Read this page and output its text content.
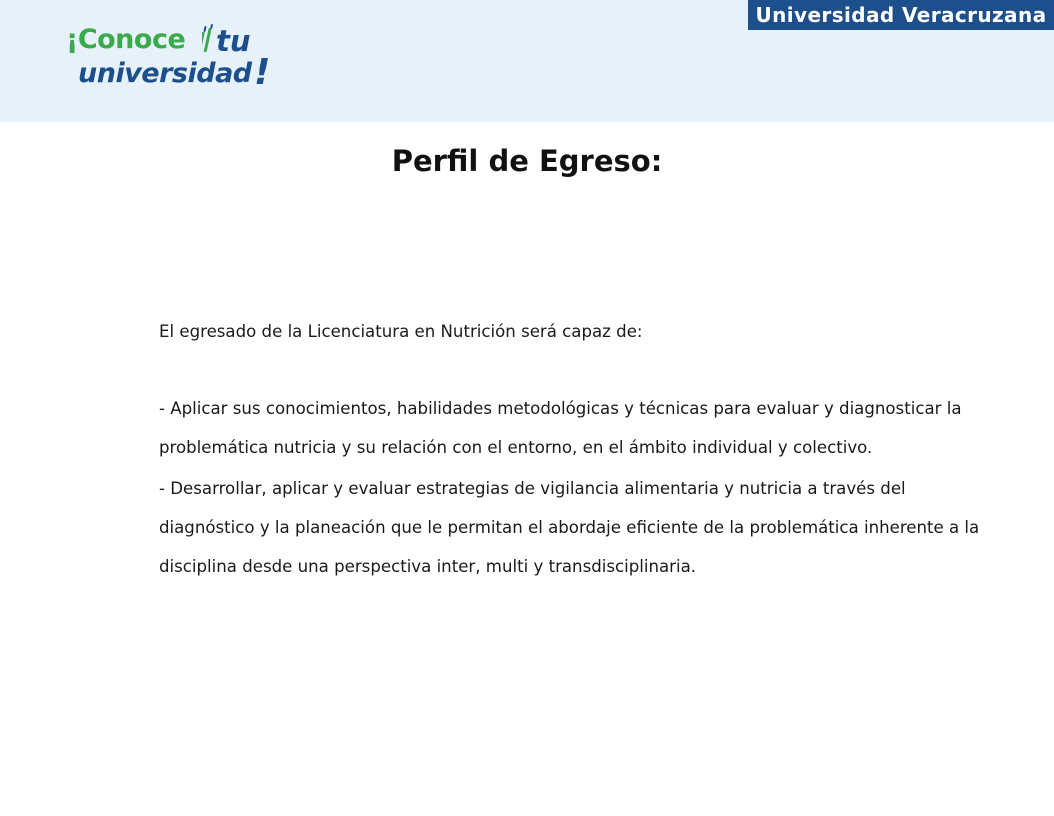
¡Conoce tu
universidad !
Universidad Veracruzana
Perfil de Egreso:

El egresado de la Licenciatura en Nutrición será capaz de:

- Aplicar sus conocimientos, habilidades metodológicas y técnicas para evaluar y diagnosticar la problemática nutricia y su relación con el entorno, en el ámbito individual y colectivo.

- Desarrollar, aplicar y evaluar estrategias de vigilancia alimentaria y nutricia a través del diagnóstico y la planeación que le permitan el abordaje eficiente de la problemática inherente a la disciplina desde una perspectiva inter, multi y transdisciplinaria.
